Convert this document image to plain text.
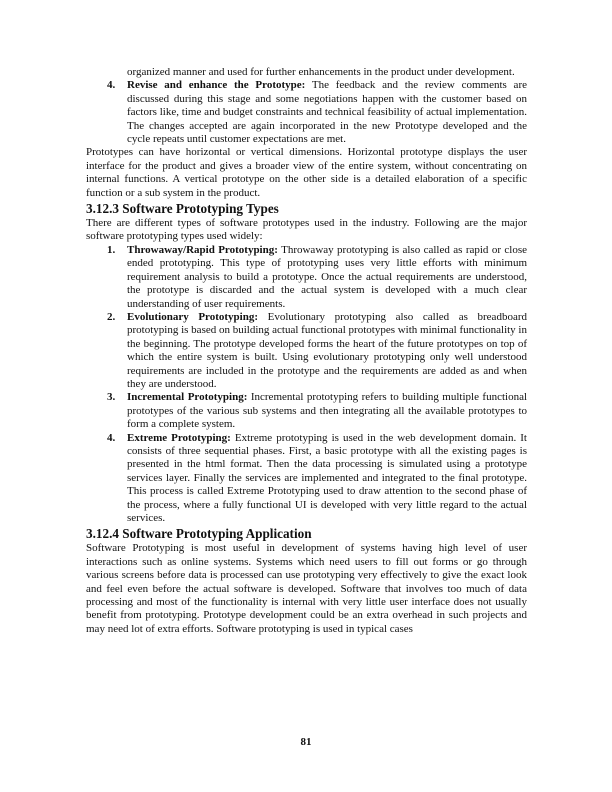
organized manner and used for further enhancements in the product under development.

4. Revise and enhance the Prototype: The feedback and the review comments are discussed during this stage and some negotiations happen with the customer based on factors like, time and budget constraints and technical feasibility of actual implementation. The changes accepted are again incorporated in the new Prototype developed and the cycle repeats until customer expectations are met.

Prototypes can have horizontal or vertical dimensions. Horizontal prototype displays the user interface for the product and gives a broader view of the entire system, without concentrating on internal functions. A vertical prototype on the other side is a detailed elaboration of a specific function or a sub system in the product.

3.12.3 Software Prototyping Types

There are different types of software prototypes used in the industry. Following are the major software prototyping types used widely:

1. Throwaway/Rapid Prototyping: Throwaway prototyping is also called as rapid or close ended prototyping. This type of prototyping uses very little efforts with minimum requirement analysis to build a prototype. Once the actual requirements are understood, the prototype is discarded and the actual system is developed with a much clear understanding of user requirements.
2. Evolutionary Prototyping: Evolutionary prototyping also called as breadboard prototyping is based on building actual functional prototypes with minimal functionality in the beginning. The prototype developed forms the heart of the future prototypes on top of which the entire system is built. Using evolutionary prototyping only well understood requirements are included in the prototype and the requirements are added as and when they are understood.
3. Incremental Prototyping: Incremental prototyping refers to building multiple functional prototypes of the various sub systems and then integrating all the available prototypes to form a complete system.
4. Extreme Prototyping: Extreme prototyping is used in the web development domain. It consists of three sequential phases. First, a basic prototype with all the existing pages is presented in the html format. Then the data processing is simulated using a prototype services layer. Finally the services are implemented and integrated to the final prototype. This process is called Extreme Prototyping used to draw attention to the second phase of the process, where a fully functional UI is developed with very little regard to the actual services.
3.12.4 Software Prototyping Application

Software Prototyping is most useful in development of systems having high level of user interactions such as online systems. Systems which need users to fill out forms or go through various screens before data is processed can use prototyping very effectively to give the exact look and feel even before the actual software is developed. Software that involves too much of data processing and most of the functionality is internal with very little user interface does not usually benefit from prototyping. Prototype development could be an extra overhead in such projects and may need lot of extra efforts. Software prototyping is used in typical cases

81
